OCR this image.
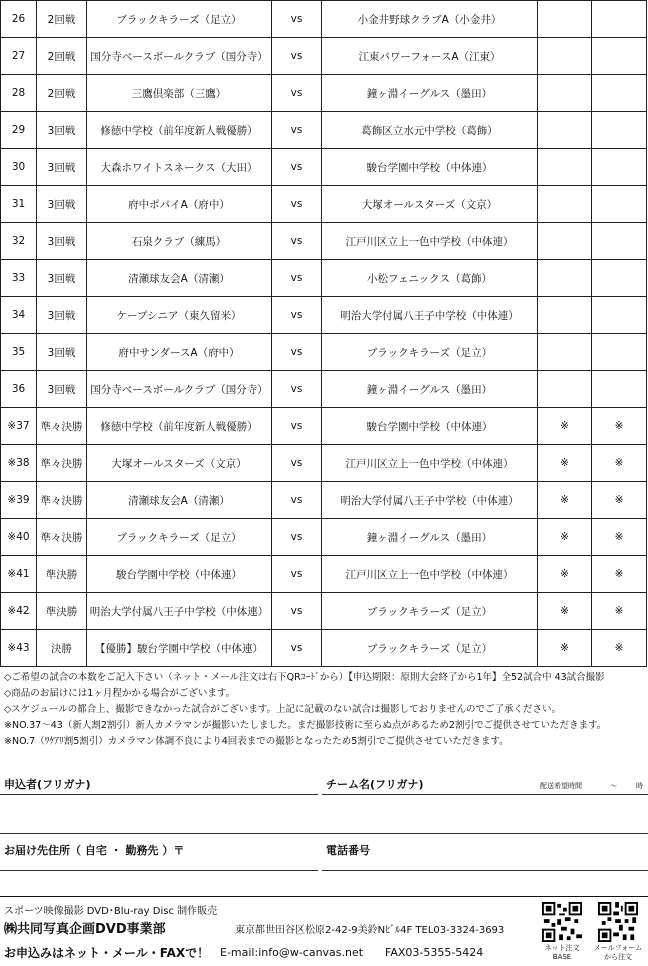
26	2回戦	ブラックキラーズ（足立）	vs	小金井野球クラブA（小金井）		
27	2回戦	国分寺ベースボールクラブ（国分寺）	vs	江東パワーフォースA（江東）		
28	2回戦	三鷹倶楽部（三鷹）	vs	鐘ヶ淵イーグルス（墨田）		
29	3回戦	修徳中学校（前年度新人戦優勝）	vs	葛飾区立水元中学校（葛飾）		
30	3回戦	大森ホワイトスネークス（大田）	vs	駿台学園中学校（中体連）		
31	3回戦	府中ポパイA（府中）	vs	大塚オールスターズ（文京）		
32	3回戦	石泉クラブ（練馬）	vs	江戸川区立上一色中学校（中体連）		
33	3回戦	清瀬球友会A（清瀬）	vs	小松フェニックス（葛飾）		
34	3回戦	ケープシニア（東久留米）	vs	明治大学付属八王子中学校（中体連）		
35	3回戦	府中サンダースA（府中）	vs	ブラックキラーズ（足立）		
36	3回戦	国分寺ベースボールクラブ（国分寺）	vs	鐘ヶ淵イーグルス（墨田）		
※37	準々決勝	修徳中学校（前年度新人戦優勝）	vs	駿台学園中学校（中体連）	※	※
※38	準々決勝	大塚オールスターズ（文京）	vs	江戸川区立上一色中学校（中体連）	※	※
※39	準々決勝	清瀬球友会A（清瀬）	vs	明治大学付属八王子中学校（中体連）	※	※
※40	準々決勝	ブラックキラーズ（足立）	vs	鐘ヶ淵イーグルス（墨田）	※	※
※41	準決勝	駿台学園中学校（中体連）	vs	江戸川区立上一色中学校（中体連）	※	※
※42	準決勝	明治大学付属八王子中学校（中体連）	vs	ブラックキラーズ（足立）	※	※
※43	決勝	【優勝】駿台学園中学校（中体連）	vs	ブラックキラーズ（足立）	※	※
◇ご希望の試合の本数をご記入下さい（ネット・メール注文は右下QRｺｰﾄﾞから）【申込期限：原則大会終了から1年】全52試合中 43試合撮影
◇商品のお届けには1ヶ月程かかる場合がございます。
◇スケジュールの都合上、撮影できなかった試合がございます。上記に記載のない試合は撮影しておりませんのでご了承ください。
※NO.37～43（新人割2割引）新人カメラマンが撮影いたしました。まだ撮影技術に至らぬ点があるため2割引でご提供させていただきます。
※NO.7（ﾜｹｱﾘ割5割引）カメラマン体調不良により4回表までの撮影となったため5割引でご提供させていただきます。
申込者(フリガナ)	チーム名(フリガナ)	配送希望時間	～	時
お届け先住所（ 自宅 ・ 勤務先 ）〒	電話番号
スポーツ映像撮影 DVD･Blu-ray Disc 制作販売
㈱共同写真企画DVD事業部	東京都世田谷区松原2-42-9美鈴Nﾋﾞﾙ4F TEL03-3324-3693
お申込みはネット・メール・FAXで！ E-mail:info@w-canvas.net FAX03-5355-5424	ネット注文
BASE
メールフォーム
から注文
